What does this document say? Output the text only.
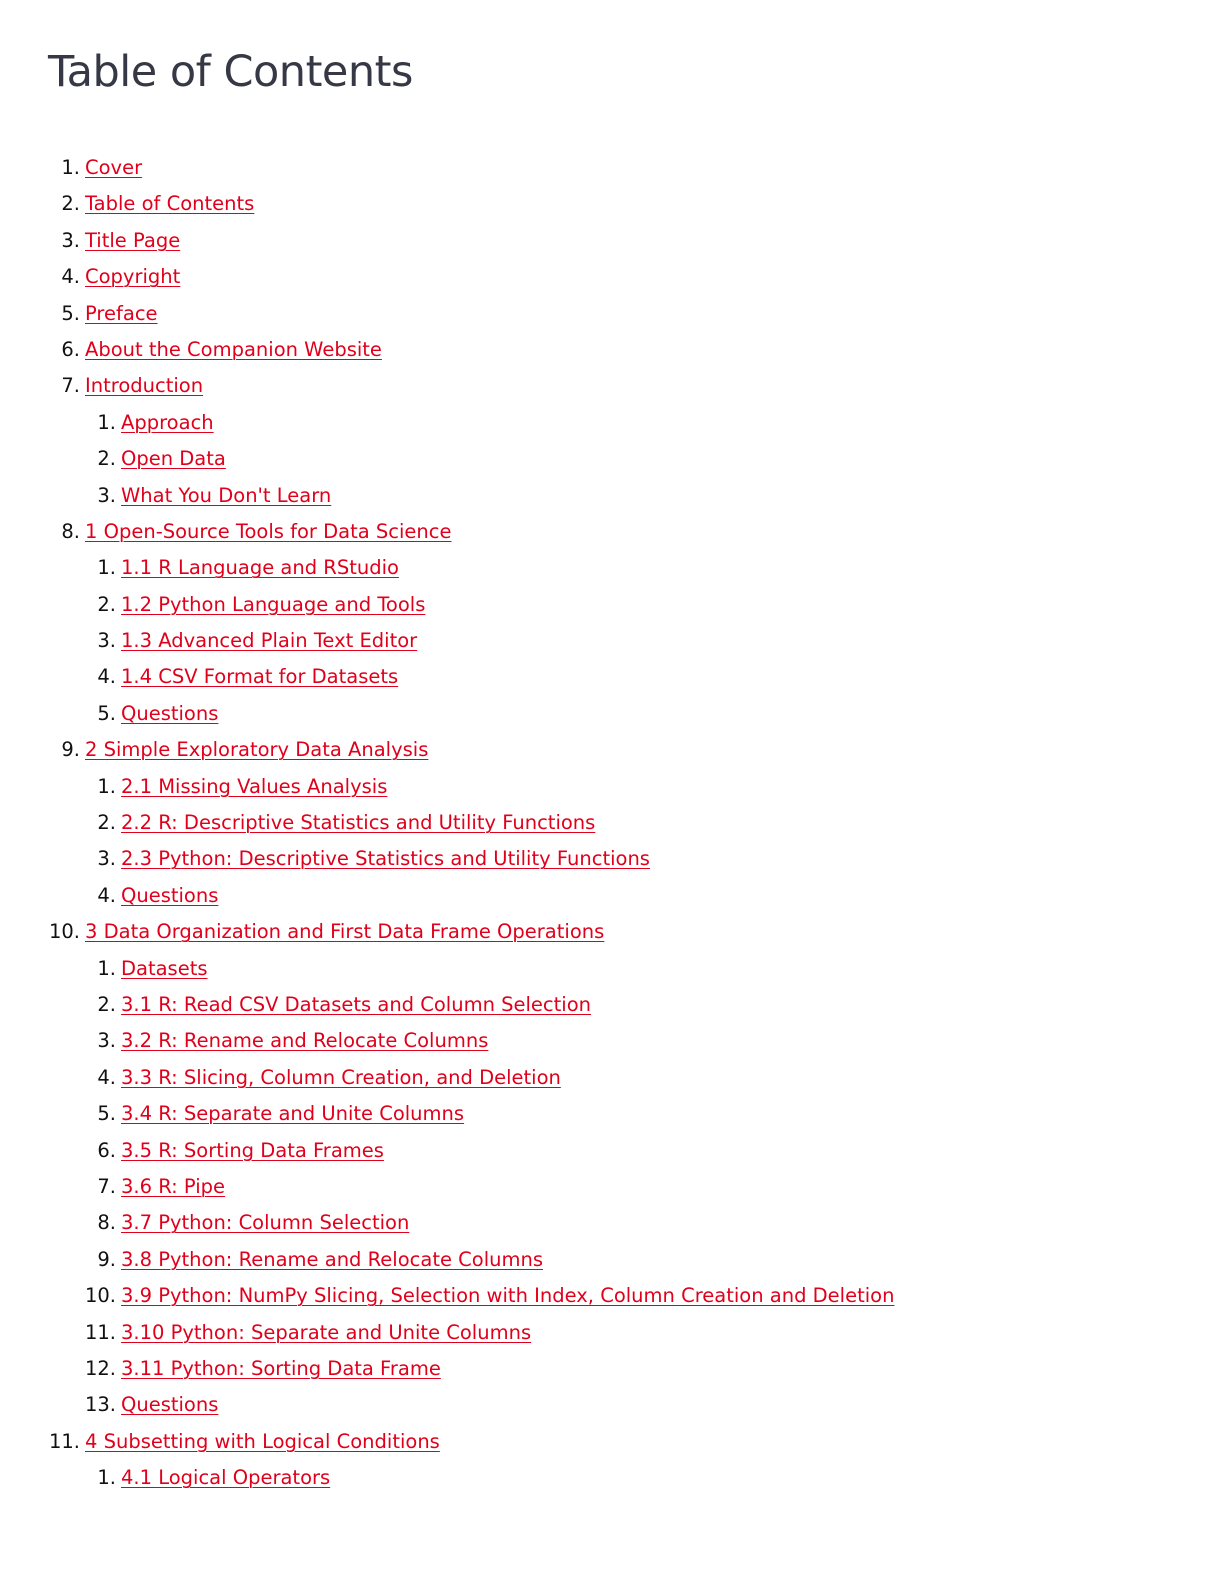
Table of Contents
1. Cover
2. Table of Contents
3. Title Page
4. Copyright
5. Preface
6. About the Companion Website
7. Introduction
1. Approach
2. Open Data
3. What You Don't Learn
8. 1 Open-Source Tools for Data Science
1. 1.1 R Language and RStudio
2. 1.2 Python Language and Tools
3. 1.3 Advanced Plain Text Editor
4. 1.4 CSV Format for Datasets
5. Questions
9. 2 Simple Exploratory Data Analysis
1. 2.1 Missing Values Analysis
2. 2.2 R: Descriptive Statistics and Utility Functions
3. 2.3 Python: Descriptive Statistics and Utility Functions
4. Questions
10. 3 Data Organization and First Data Frame Operations
1. Datasets
2. 3.1 R: Read CSV Datasets and Column Selection
3. 3.2 R: Rename and Relocate Columns
4. 3.3 R: Slicing, Column Creation, and Deletion
5. 3.4 R: Separate and Unite Columns
6. 3.5 R: Sorting Data Frames
7. 3.6 R: Pipe
8. 3.7 Python: Column Selection
9. 3.8 Python: Rename and Relocate Columns
10. 3.9 Python: NumPy Slicing, Selection with Index, Column Creation and Deletion
11. 3.10 Python: Separate and Unite Columns
12. 3.11 Python: Sorting Data Frame
13. Questions
11. 4 Subsetting with Logical Conditions
1. 4.1 Logical Operators
